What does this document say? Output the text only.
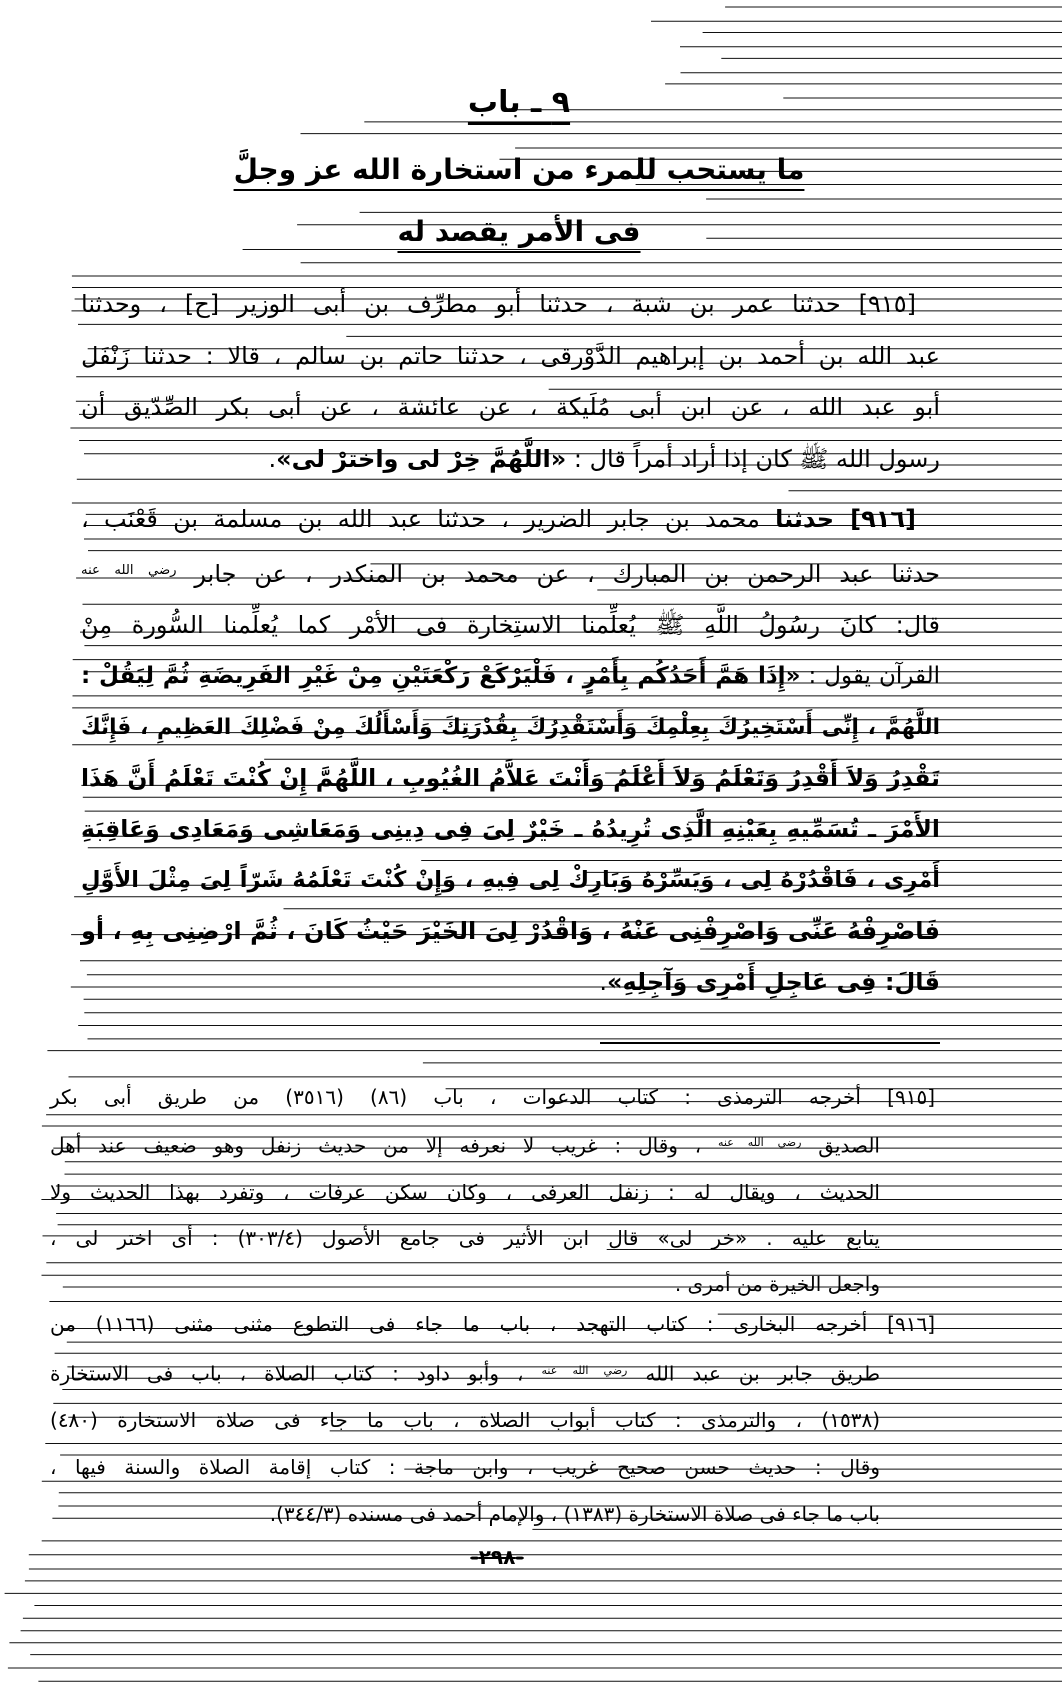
٩ ـ باب
ما يستحب للمرء من استخارة الله عز وجلَّ
فى الأمر يقصد له
[٩١٥] حدثنا عمر بن شبة ، حدثنا أبو مطرِّف بن أبى الوزير [ح] ، وحدثنا
عبد الله بن أحمد بن إبراهيم الدَّوْرقى ، حدثنا حاتم بن سالم ، قالا : حدثنا زَنْفَل
أبو عبد الله ، عن ابن أبى مُلَيكة ، عن عائشة ، عن أبى بكر الصِّدّيق أن
رسول الله ﷺ كان إذا أراد أمراً قال : «اللَّهُمَّ خِرْ لى واخترْ لى».
[٩١٦] حدثنا محمد بن جابر الضرير ، حدثنا عبد الله بن مسلمة بن قَعْنَب ،
حدثنا عبد الرحمن بن المبارك ، عن محمد بن المنكدر ، عن جابر $^{رضي الله عنه}$
قال: كانَ رسُولُ اللَّهِ ﷺ يُعلِّمنا الاستِخارة فى الأمْر كما يُعلِّمنا السُّورة مِنْ
القرآن يقول : «إِذَا هَمَّ أَحَدُكُم بِأَمْرٍ ، فَلْيَرْكَعْ رَكْعَتَيْنِ مِنْ غَيْرِ الفَرِيضَةِ ثُمَّ لِيَقُلْ :
اللَّهُمَّ ، إِنِّى أَسْتَخِيرُكَ بِعِلْمِكَ وَأَسْتَقْدِرُكَ بِقُدْرَتِكَ وَأَسْأَلُكَ مِنْ فَضْلِكَ العَظِيمِ ، فَإِنَّكَ
تَقْدِرُ وَلاَ أَقْدِرُ وَتَعْلَمُ وَلاَ أَعْلَمُ وَأَنْتَ عَلاَّمُ الغُيُوبِ ، اللَّهُمَّ إِنْ كُنْتَ تَعْلَمُ أَنَّ هَذَا
الأَمْرَ ـ تُسَمِّيهِ بِعَيْنِهِ الَّذِى تُرِيدُهُ ـ خَيْرٌ لِىَ فِى دِينِى وَمَعَاشِى وَمَعَادِى وَعَاقِبَةِ
أَمْرِى ، فَاقْدُرْهُ لِى ، وَيَسِّرْهُ وَبَارِكْ لِى فِيهِ ، وَإِنْ كُنْتَ تَعْلَمُهُ شَرّاً لِىَ مِثْلَ الأَوَّلِ
فَاصْرِفْهُ عَنِّى وَاصْرِفْنِى عَنْهُ ، وَاقْدُرْ لِىَ الخَيْرَ حَيْثُ كَانَ ، ثُمَّ ارْضِنِى بِهِ ، أو
قَالَ: فِى عَاجِلِ أَمْرِى وَآجِلِهِ».
[٩١٥] أخرجه الترمذى : كتاب الدعوات ، باب (٨٦) (٣٥١٦) من طريق أبى بكر
الصديق $^{رضي الله عنه}$ ، وقال : غريب لا نعرفه إلا من حديث زنفل وهو ضعيف عند أهل
الحديث ، ويقال له : زنفل العرفى ، وكان سكن عرفات ، وتفرد بهذا الحديث ولا
يتابع عليه . «خر لى» قال ابن الأثير فى جامع الأصول (٣٠٣/٤) : أى اختر لى ،
واجعل الخيرة من أمرى .
[٩١٦] أخرجه البخارى : كتاب التهجد ، باب ما جاء فى التطوع مثنى مثنى (١١٦٦) من
طريق جابر بن عبد الله $^{رضي الله عنه}$ ، وأبو داود : كتاب الصلاة ، باب فى الاستخارة
(١٥٣٨) ، والترمذى : كتاب أبواب الصلاة ، باب ما جاء فى صلاة الاستخارة (٤٨٠)
وقال : حديث حسن صحيح غريب ، وابن ماجة : كتاب إقامة الصلاة والسنة فيها ،
باب ما جاء فى صلاة الاستخارة (١٣٨٣) ، والإمام أحمد فى مسنده (٣٤٤/٣).
-٢٩٨-
